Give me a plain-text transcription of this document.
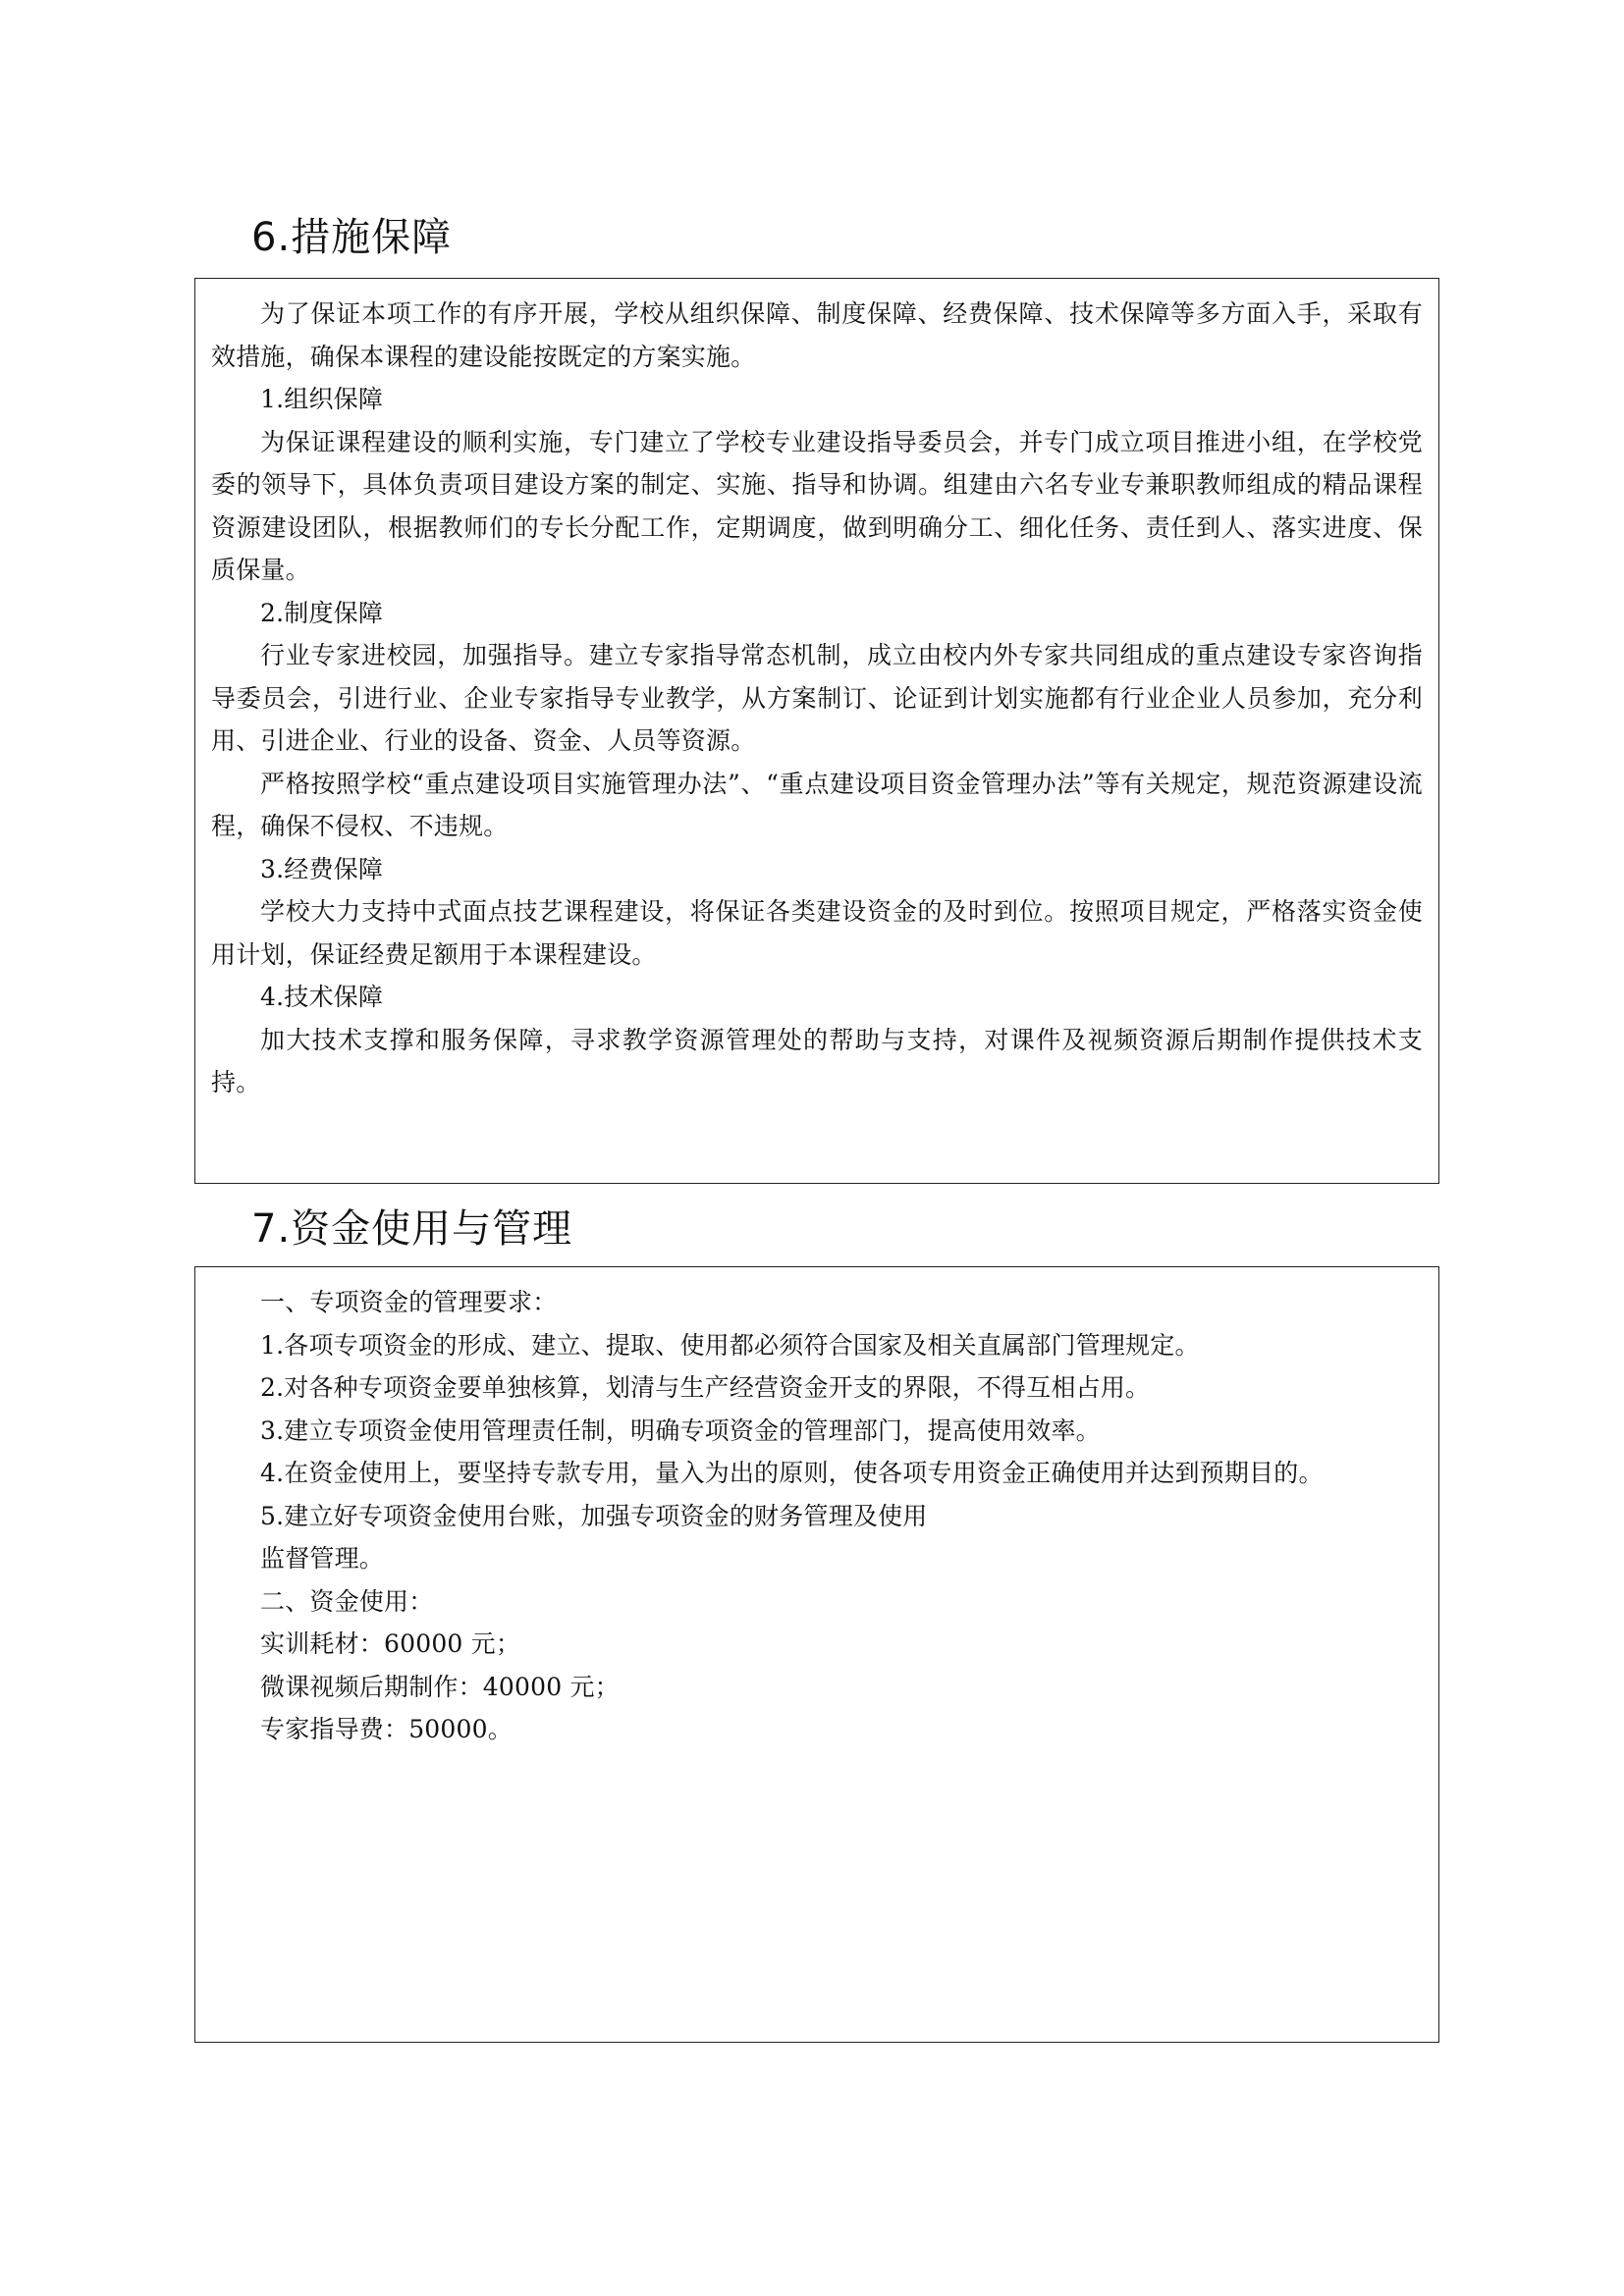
6.措施保障

为了保证本项工作的有序开展，学校从组织保障、制度保障、经费保障、技术保障等多方面入手，采取有效措施，确保本课程的建设能按既定的方案实施。

1.组织保障

为保证课程建设的顺利实施，专门建立了学校专业建设指导委员会，并专门成立项目推进小组，在学校党委的领导下，具体负责项目建设方案的制定、实施、指导和协调。组建由六名专业专兼职教师组成的精品课程资源建设团队，根据教师们的专长分配工作，定期调度，做到明确分工、细化任务、责任到人、落实进度、保质保量。

2.制度保障

行业专家进校园，加强指导。建立专家指导常态机制，成立由校内外专家共同组成的重点建设专家咨询指导委员会，引进行业、企业专家指导专业教学，从方案制订、论证到计划实施都有行业企业人员参加，充分利用、引进企业、行业的设备、资金、人员等资源。

严格按照学校“重点建设项目实施管理办法”、“重点建设项目资金管理办法”等有关规定，规范资源建设流程，确保不侵权、不违规。

3.经费保障

学校大力支持中式面点技艺课程建设，将保证各类建设资金的及时到位。按照项目规定，严格落实资金使用计划，保证经费足额用于本课程建设。

4.技术保障

加大技术支撑和服务保障，寻求教学资源管理处的帮助与支持，对课件及视频资源后期制作提供技术支持。

7.资金使用与管理

一、专项资金的管理要求：

1.各项专项资金的形成、建立、提取、使用都必须符合国家及相关直属部门管理规定。

2.对各种专项资金要单独核算，划清与生产经营资金开支的界限，不得互相占用。

3.建立专项资金使用管理责任制，明确专项资金的管理部门，提高使用效率。

4.在资金使用上，要坚持专款专用，量入为出的原则，使各项专用资金正确使用并达到预期目的。

5.建立好专项资金使用台账，加强专项资金的财务管理及使用

监督管理。

二、资金使用：

实训耗材：60000 元；

微课视频后期制作：40000 元；

专家指导费：50000。
